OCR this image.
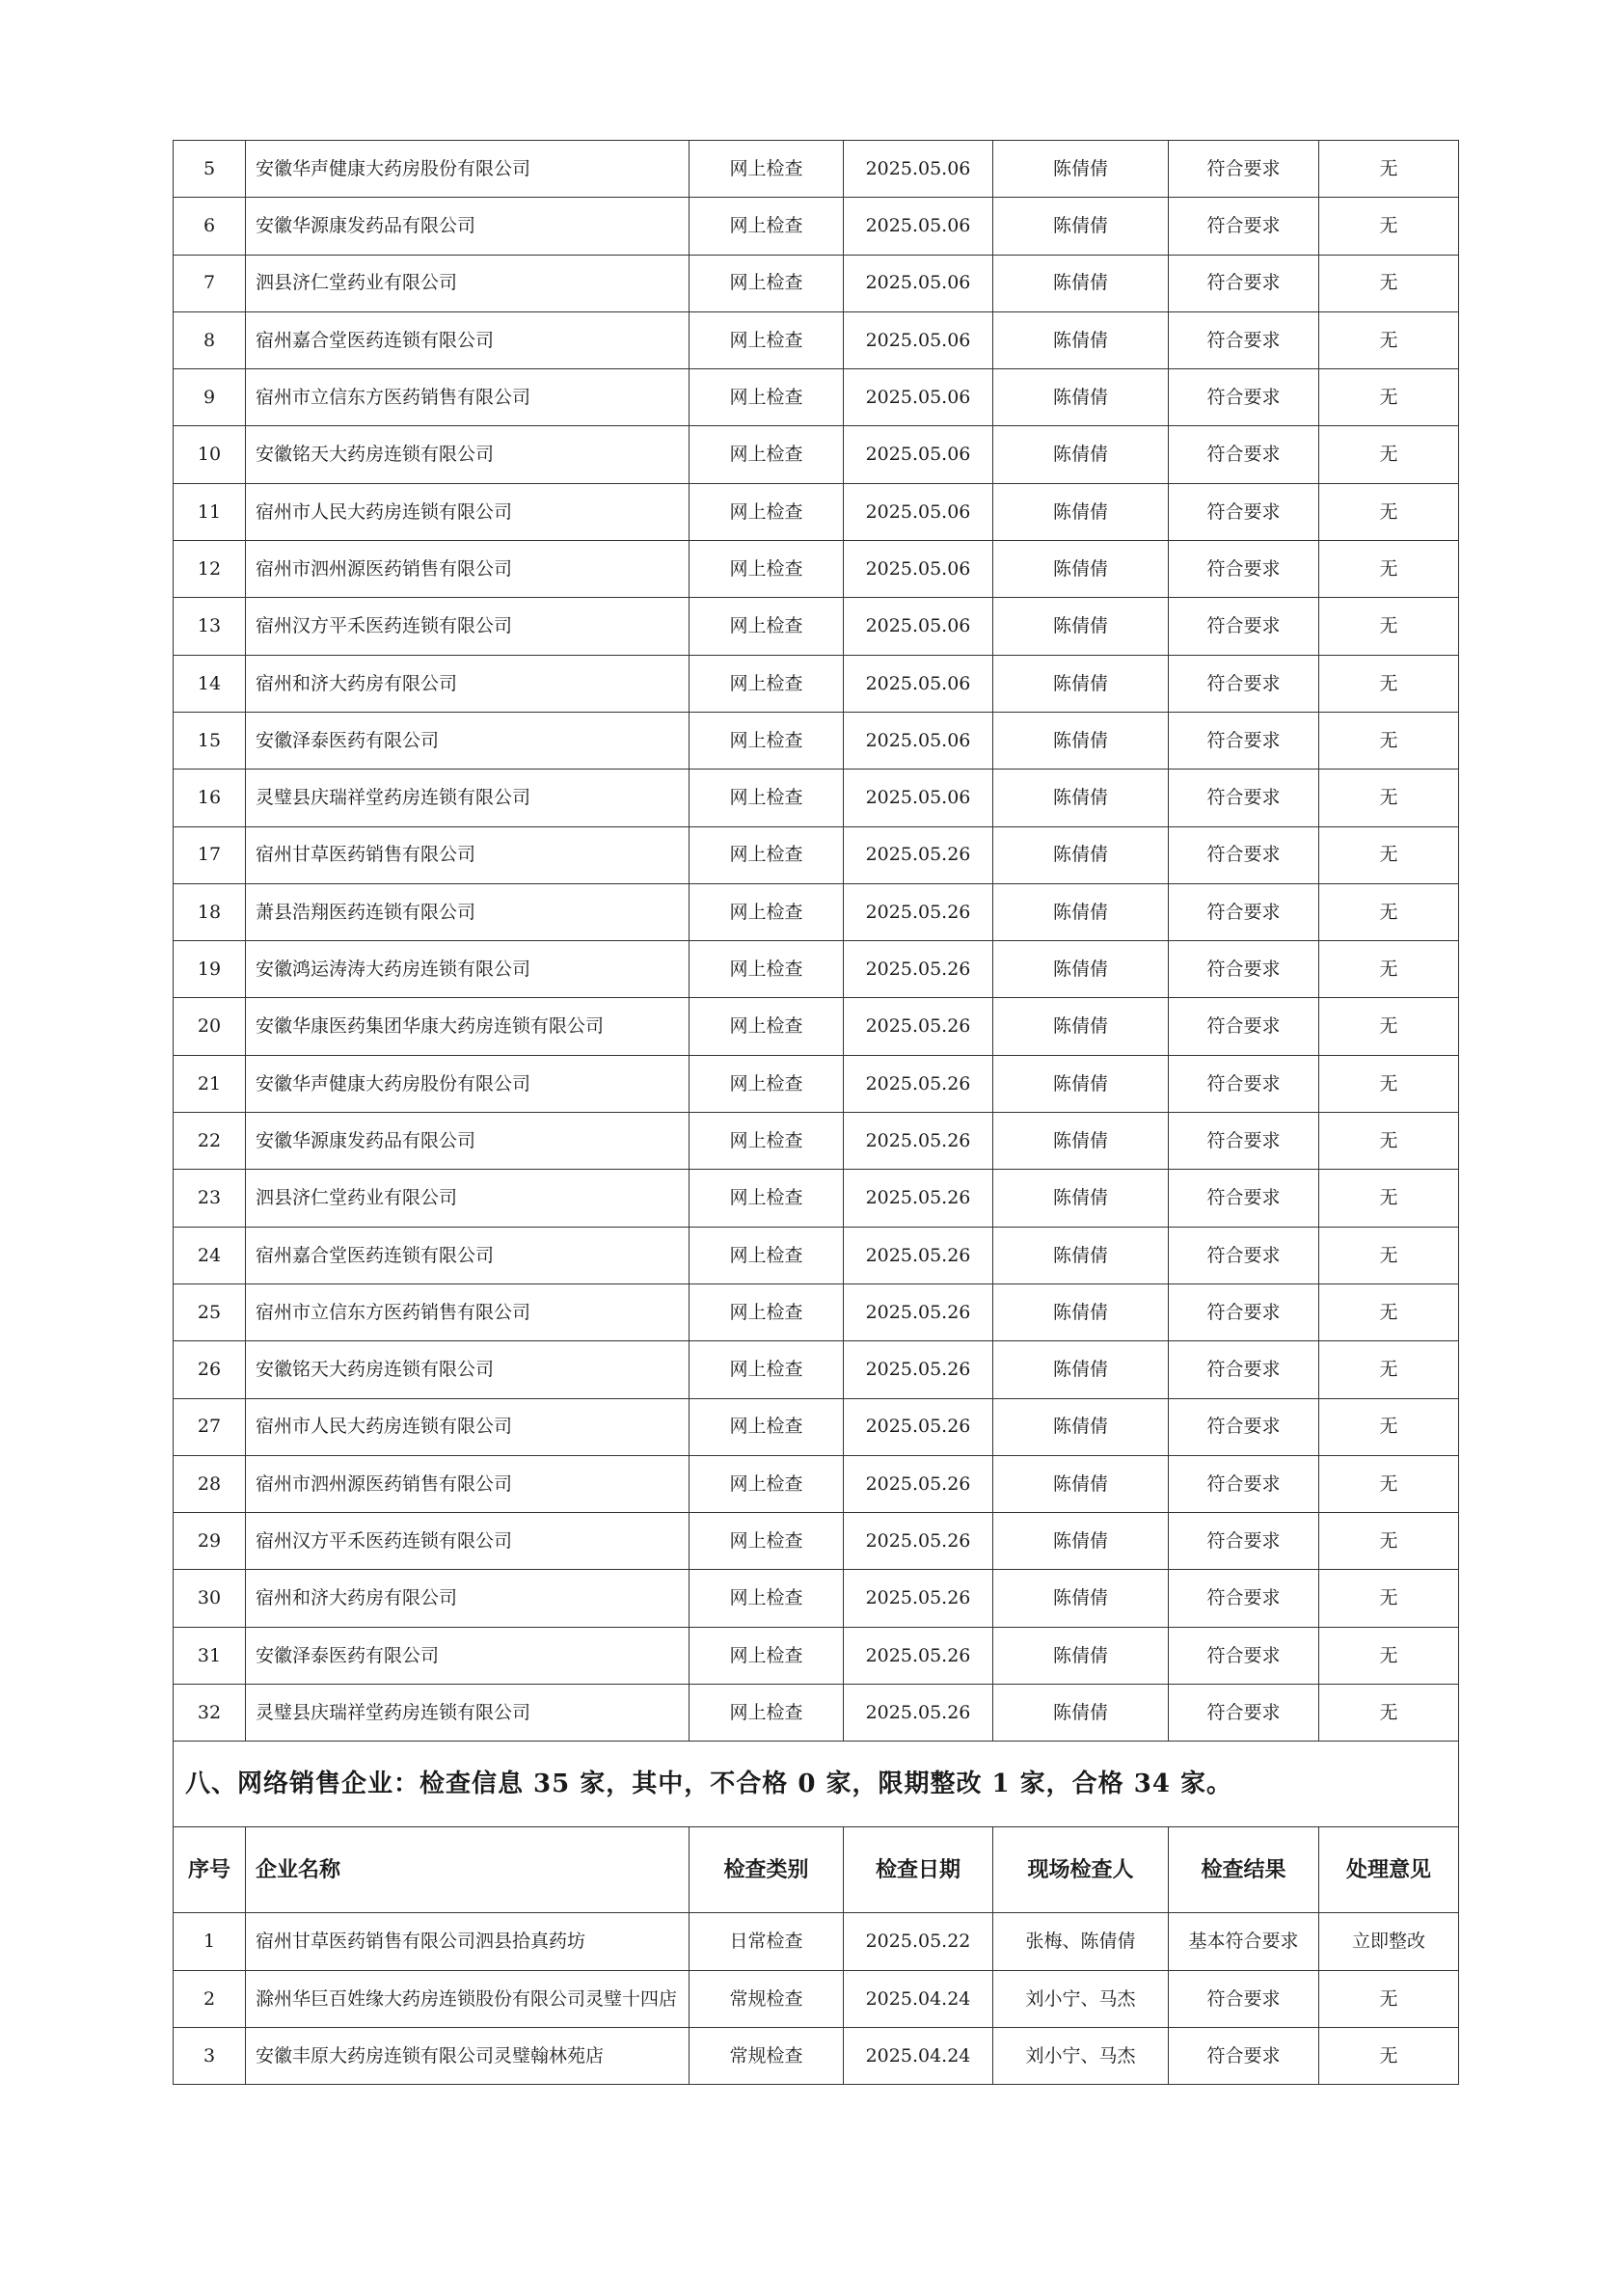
5	安徽华声健康大药房股份有限公司	网上检查	2025.05.06	陈倩倩	符合要求	无
6	安徽华源康发药品有限公司	网上检查	2025.05.06	陈倩倩	符合要求	无
7	泗县济仁堂药业有限公司	网上检查	2025.05.06	陈倩倩	符合要求	无
8	宿州嘉合堂医药连锁有限公司	网上检查	2025.05.06	陈倩倩	符合要求	无
9	宿州市立信东方医药销售有限公司	网上检查	2025.05.06	陈倩倩	符合要求	无
10	安徽铭天大药房连锁有限公司	网上检查	2025.05.06	陈倩倩	符合要求	无
11	宿州市人民大药房连锁有限公司	网上检查	2025.05.06	陈倩倩	符合要求	无
12	宿州市泗州源医药销售有限公司	网上检查	2025.05.06	陈倩倩	符合要求	无
13	宿州汉方平禾医药连锁有限公司	网上检查	2025.05.06	陈倩倩	符合要求	无
14	宿州和济大药房有限公司	网上检查	2025.05.06	陈倩倩	符合要求	无
15	安徽泽泰医药有限公司	网上检查	2025.05.06	陈倩倩	符合要求	无
16	灵璧县庆瑞祥堂药房连锁有限公司	网上检查	2025.05.06	陈倩倩	符合要求	无
17	宿州甘草医药销售有限公司	网上检查	2025.05.26	陈倩倩	符合要求	无
18	萧县浩翔医药连锁有限公司	网上检查	2025.05.26	陈倩倩	符合要求	无
19	安徽鸿运涛涛大药房连锁有限公司	网上检查	2025.05.26	陈倩倩	符合要求	无
20	安徽华康医药集团华康大药房连锁有限公司	网上检查	2025.05.26	陈倩倩	符合要求	无
21	安徽华声健康大药房股份有限公司	网上检查	2025.05.26	陈倩倩	符合要求	无
22	安徽华源康发药品有限公司	网上检查	2025.05.26	陈倩倩	符合要求	无
23	泗县济仁堂药业有限公司	网上检查	2025.05.26	陈倩倩	符合要求	无
24	宿州嘉合堂医药连锁有限公司	网上检查	2025.05.26	陈倩倩	符合要求	无
25	宿州市立信东方医药销售有限公司	网上检查	2025.05.26	陈倩倩	符合要求	无
26	安徽铭天大药房连锁有限公司	网上检查	2025.05.26	陈倩倩	符合要求	无
27	宿州市人民大药房连锁有限公司	网上检查	2025.05.26	陈倩倩	符合要求	无
28	宿州市泗州源医药销售有限公司	网上检查	2025.05.26	陈倩倩	符合要求	无
29	宿州汉方平禾医药连锁有限公司	网上检查	2025.05.26	陈倩倩	符合要求	无
30	宿州和济大药房有限公司	网上检查	2025.05.26	陈倩倩	符合要求	无
31	安徽泽泰医药有限公司	网上检查	2025.05.26	陈倩倩	符合要求	无
32	灵璧县庆瑞祥堂药房连锁有限公司	网上检查	2025.05.26	陈倩倩	符合要求	无
八、网络销售企业：检查信息 35 家，其中，不合格 0 家，限期整改 1 家，合格 34 家。						
序号	企业名称	检查类别	检查日期	现场检查人	检查结果	处理意见
1	宿州甘草医药销售有限公司泗县拾真药坊	日常检查	2025.05.22	张梅、陈倩倩	基本符合要求	立即整改
2	滁州华巨百姓缘大药房连锁股份有限公司灵璧十四店	常规检查	2025.04.24	刘小宁、马杰	符合要求	无
3	安徽丰原大药房连锁有限公司灵璧翰林苑店	常规检查	2025.04.24	刘小宁、马杰	符合要求	无
